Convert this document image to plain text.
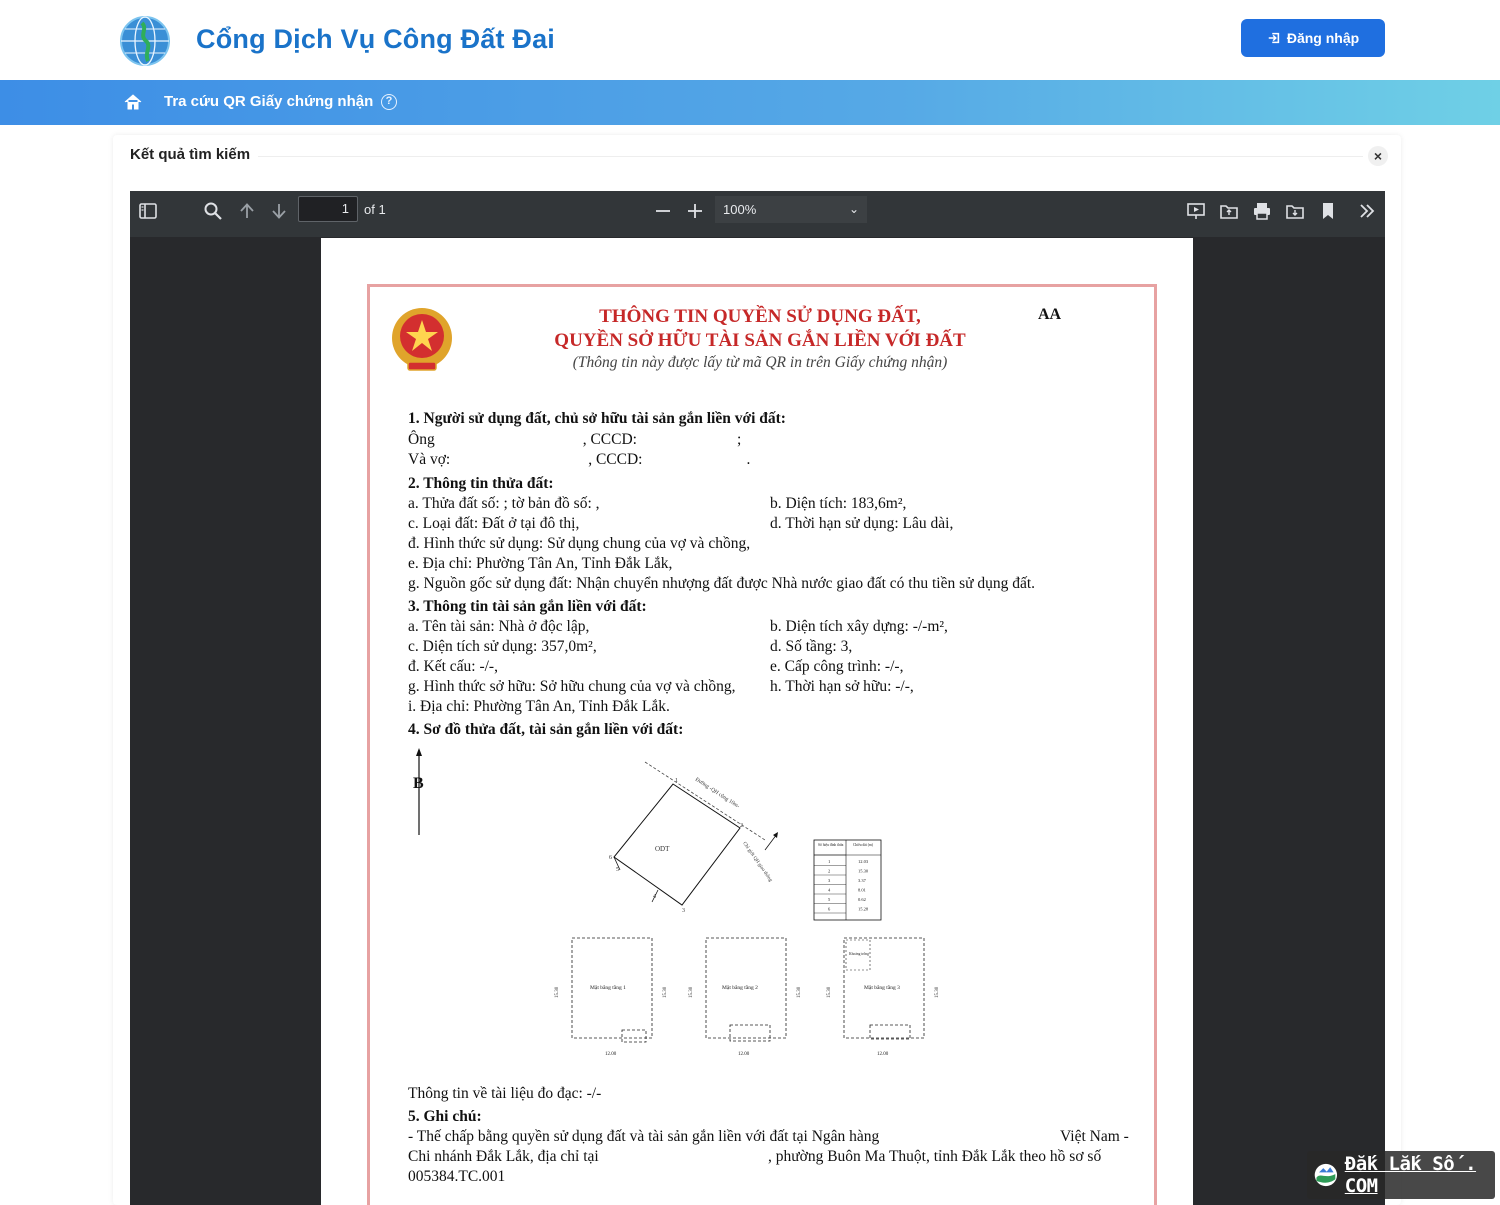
Cổng Dịch Vụ Công Đất Đai	Đăng nhập
Tra cứu QR Giấy chứng nhận	?
Kết quả tìm kiếm	×
1	of 1	100%	⌄
THÔNG TIN QUYỀN SỬ DỤNG ĐẤT,
QUYỀN SỞ HỮU TÀI SẢN GẮN LIỀN VỚI ĐẤT
(Thông tin này được lấy từ mã QR in trên Giấy chứng nhận)
AA
1. Người sử dụng đất, chủ sở hữu tài sản gắn liền với đất:
Ông	, CCCD:	;
Và vợ:	, CCCD:	.
2. Thông tin thửa đất:
a. Thửa đất số: ; tờ bản đồ số: ,	b. Diện tích: 183,6m²,
c. Loại đất: Đất ở tại đô thị,	d. Thời hạn sử dụng: Lâu dài,
đ. Hình thức sử dụng: Sử dụng chung của vợ và chồng,
e. Địa chỉ: Phường Tân An, Tỉnh Đắk Lắk,
g. Nguồn gốc sử dụng đất: Nhận chuyển nhượng đất được Nhà nước giao đất có thu tiền sử dụng đất.
3. Thông tin tài sản gắn liền với đất:
a. Tên tài sản: Nhà ở độc lập,	b. Diện tích xây dựng: -/-m²,
c. Diện tích sử dụng: 357,0m²,	d. Số tầng: 3,
đ. Kết cấu: -/-,	e. Cấp công trình: -/-,
g. Hình thức sở hữu: Sở hữu chung của vợ và chồng, h. Thời hạn sở hữu: -/-,
i. Địa chỉ: Phường Tân An, Tỉnh Đắk Lắk.
4. Sơ đồ thửa đất, tài sản gắn liền với đất:
B	Đường -QH cộng 10m-
Chỉ giới QH giao thông
ODT
1
2
3
4
5
6
Số hiệu đỉnh thửa	Chiều dài (m)
1	12.03
2	15.30
3	3.37
4	8.01
5	0.62
6	15.28
Mặt bằng tầng 1
15.30	15.30
12.00
Mặt bằng tầng 2
15.30	15.30
12.00
Khoảng trống
Mặt bằng tầng 3
15.30	15.30
12.00
Thông tin về tài liệu đo đạc: -/-
5. Ghi chú:
- Thế chấp bằng quyền sử dụng đất và tài sản gắn liền với đất tại Ngân hàng	Việt Nam -
Chi nhánh Đắk Lắk, địa chỉ tại	, phường Buôn Ma Thuột, tỉnh Đắk Lắk theo hồ sơ số
005384.TC.001
Đắk Lắk Số . COM
